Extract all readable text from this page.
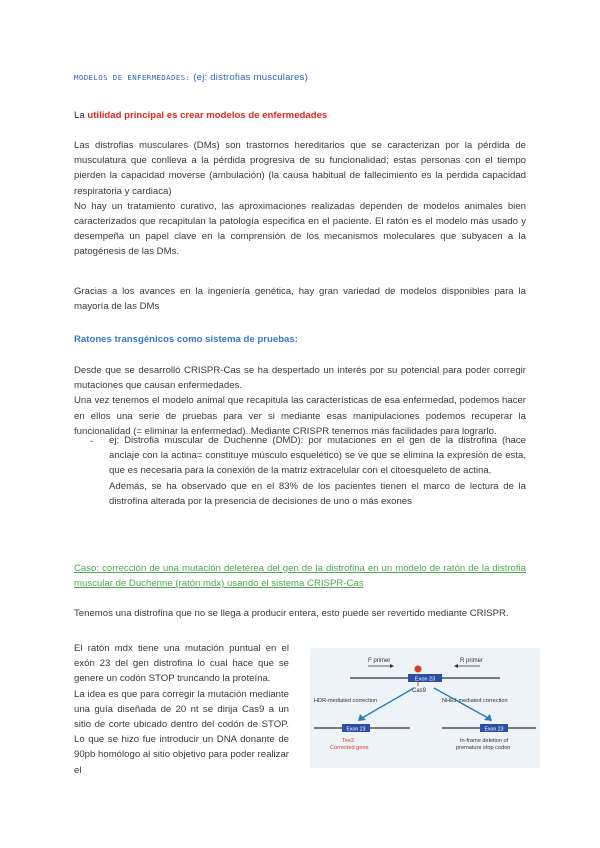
MODELOS DE ENFERMEDADES: (ej: distrofias musculares)
La utilidad principal es crear modelos de enfermedades

Las distrofias musculares (DMs) son trastornos hereditarios que se caracterizan por la pérdida de musculatura que conlleva a la pérdida progresiva de su funcionalidad; estas personas con el tiempo pierden la capacidad moverse (ambulación) (la causa habitual de fallecimiento es la perdida capacidad respiratoria y cardiaca)

No hay un tratamiento curativo, las aproximaciones realizadas dependen de modelos animales bien caracterizados que recapitulan la patología especifica en el paciente. El ratón es el modelo más usado y desempeña un papel clave en la comprensión de los mecanismos moleculares que subyacen a la patogénesis de las DMs.

Gracias a los avances en la ingeniería genética, hay gran variedad de modelos disponibles para la mayoría de las DMs

Ratones transgénicos como sistema de pruebas:

Desde que se desarrolló CRISPR-Cas se ha despertado un interés por su potencial para poder corregir mutaciones que causan enfermedades.

Una vez tenemos el modelo animal que recapitula las características de esa enfermedad, podemos hacer en ellos una serie de pruebas para ver si mediante esas manipulaciones podemos recuperar la funcionalidad (= eliminar la enfermedad). Mediante CRISPR tenemos más facilidades para lograrlo.

- ej: Distrofia muscular de Duchenne (DMD): por mutaciones en el gen de la distrofina (hace anclaje con la actina= constituye músculo esquelético) se ve que se elimina la expresión de esta, que es necesaria para la conexión de la matriz extracelular con el citoesqueleto de actina.

Además, se ha observado que en el 83% de los pacientes tienen el marco de lectura de la distrofina alterada por la presencia de decisiones de uno o más exones

Caso: corrección de una mutación deletérea del gen de la distrofina en un modelo de ratón de la distrofia muscular de Duchenne (ratón mdx) usando el sistema CRISPR-Cas

Tenemos una distrofina que no se llega a producir entera, esto puede ser revertido mediante CRISPR.

El ratón mdx tiene una mutación puntual en el exón 23 del gen distrofina lo cual hace que se genere un codón STOP truncando la proteína.

La idea es que para corregir la mutación mediante una guía diseñada de 20 nt se dirija Cas9 a un sitio de corte ubicado dentro del codón de STOP. Lo que se hizo fue introducir un DNA donante de 90pb homólogo al sitio objetivo para poder realizar el

Exon 23
F primer	R primer
Cas9
HDR-mediated correction	NHEJ-mediated correction
Exon 23
Tee2
Corrected gene
Exon 23
In-frame deletion of
premature stop codon
